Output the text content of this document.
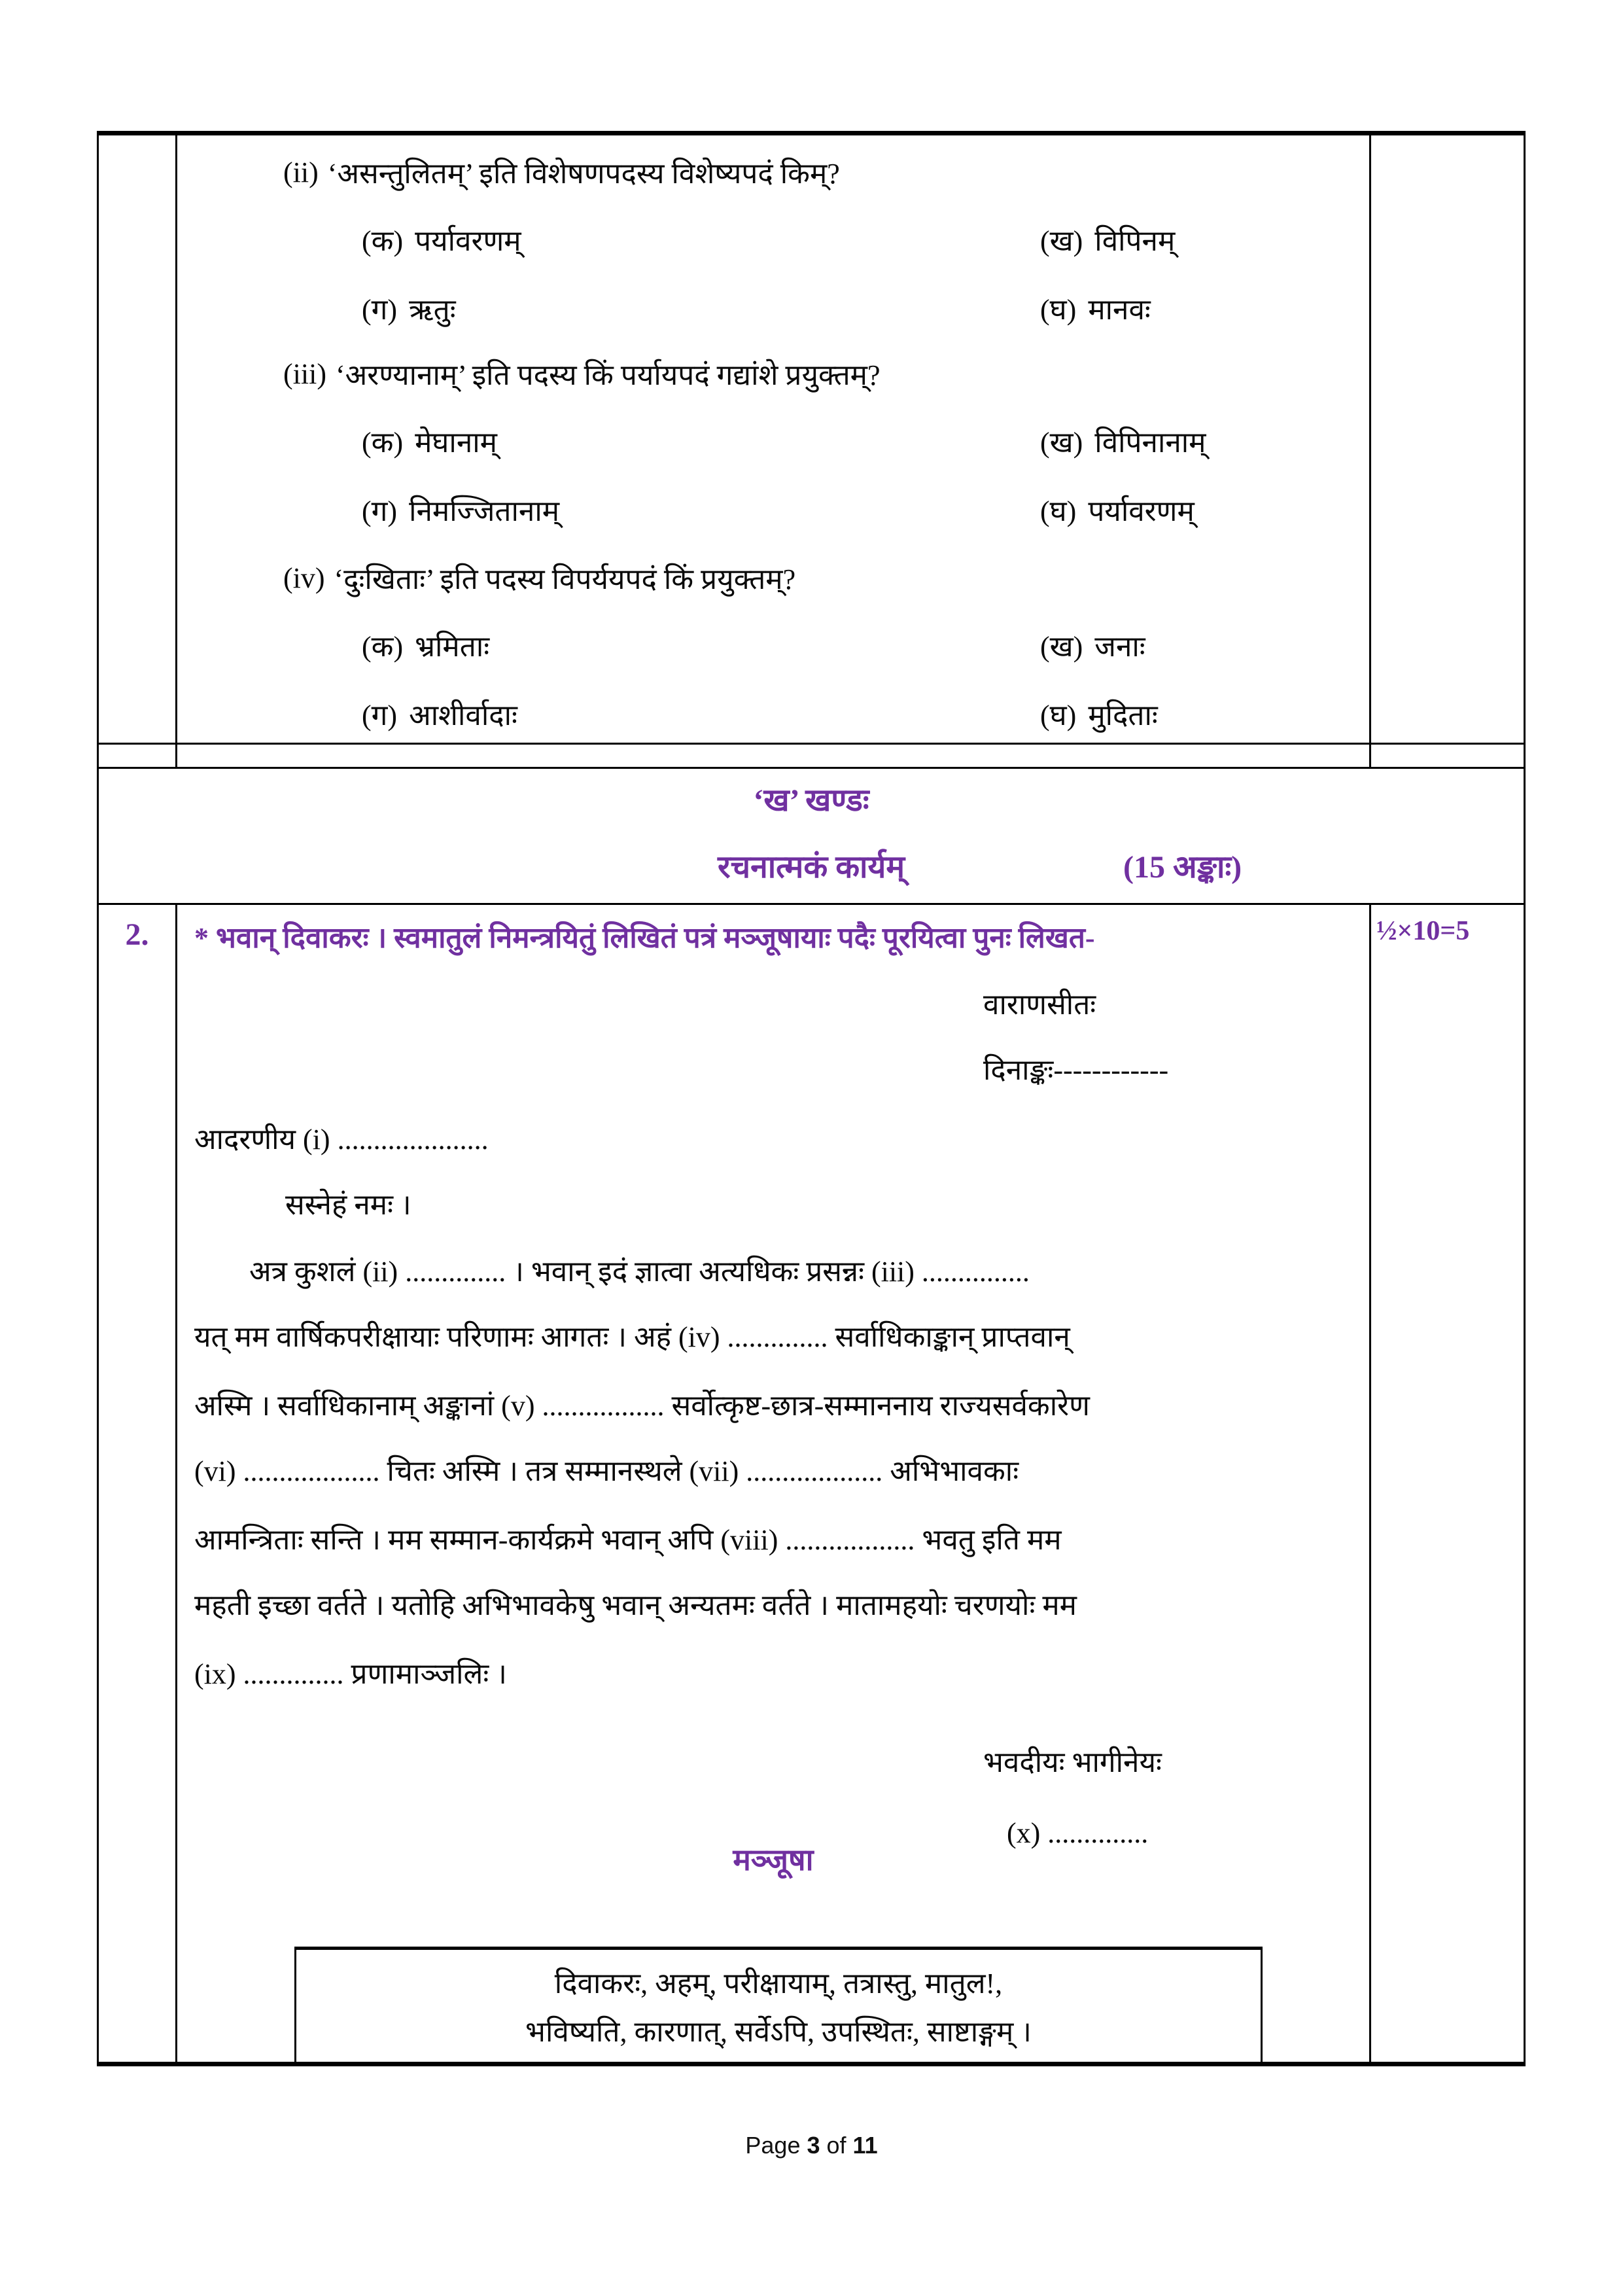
(ii) ‘असन्तुलितम्’ इति विशेषणपदस्य विशेष्यपदं किम्?
(क) पर्यावरणम्	(ख) विपिनम्
(ग) ऋतुः	(घ) मानवः
(iii) ‘अरण्यानाम्’ इति पदस्य किं पर्यायपदं गद्यांशे प्रयुक्तम्?
(क) मेघानाम्	(ख) विपिनानाम्
(ग) निमज्जितानाम्	(घ) पर्यावरणम्
(iv) ‘दुःखिताः’ इति पदस्य विपर्ययपदं किं प्रयुक्तम्?
(क) भ्रमिताः	(ख) जनाः
(ग) आशीर्वादाः	(घ) मुदिताः
‘ख’ खण्डः
रचनात्मकं कार्यम्	(15 अङ्काः)
2.	* भवान् दिवाकरः । स्वमातुलं निमन्त्रयितुं लिखितं पत्रं मञ्जूषायाः पदैः पूरयित्वा पुनः लिखत-
वाराणसीतः
दिनाङ्कः------------
आदरणीय (i) .....................
सस्नेहं नमः ।
अत्र कुशलं (ii) .............. । भवान् इदं ज्ञात्वा अत्यधिकः प्रसन्नः (iii) ...............
यत् मम वार्षिकपरीक्षायाः परिणामः आगतः । अहं (iv) .............. सर्वाधिकाङ्कान् प्राप्तवान्
अस्मि । सर्वाधिकानाम् अङ्कानां (v) ................. सर्वोत्कृष्ट-छात्र-सम्माननाय राज्यसर्वकारेण
(vi) ................... चितः अस्मि । तत्र सम्मानस्थले (vii) ................... अभिभावकाः
आमन्त्रिताः सन्ति । मम सम्मान-कार्यक्रमे भवान् अपि (viii) .................. भवतु इति मम
महती इच्छा वर्तते । यतोहि अभिभावकेषु भवान् अन्यतमः वर्तते । मातामहयोः चरणयोः मम
(ix) .............. प्रणामाञ्जलिः ।
भवदीयः भागीनेयः
(x) ..............
मञ्जूषा
दिवाकरः, अहम्, परीक्षायाम्, तत्रास्तु, मातुल!,
भविष्यति, कारणात्, सर्वेऽपि, उपस्थितः, साष्टाङ्गम् ।
½×10=5
Page 3 of 11
